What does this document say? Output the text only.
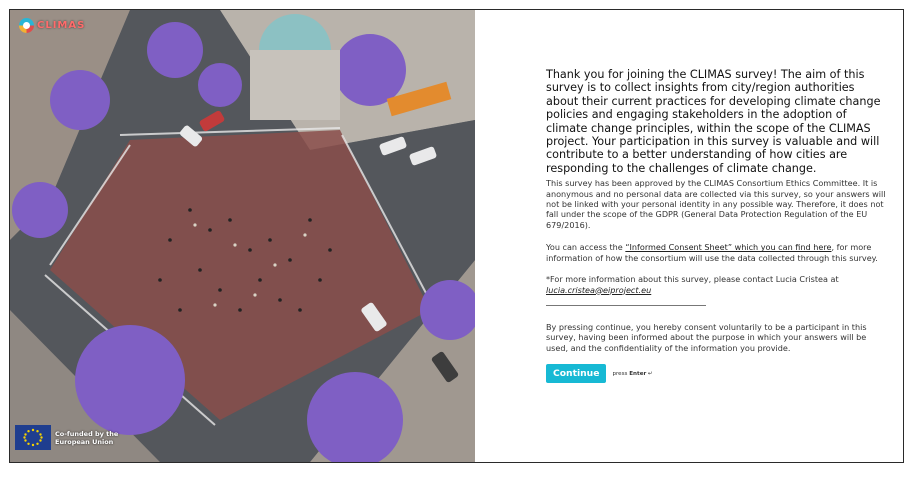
CLIMAS
Co-funded by the
European Union

Thank you for joining the CLIMAS survey! The aim of this survey is to collect insights from city/region authorities about their current practices for developing climate change policies and engaging stakeholders in the adoption of climate change principles, within the scope of the CLIMAS project. Your participation in this survey is valuable and will contribute to a better understanding of how cities are responding to the challenges of climate change.

This survey has been approved by the CLIMAS Consortium Ethics Committee. It is anonymous and no personal data are collected via this survey, so your answers will not be linked with your personal identity in any possible way. Therefore, it does not fall under the scope of the GDPR (General Data Protection Regulation of the EU 679/2016).

You can access the “Informed Consent Sheet” which you can find here, for more information of how the consortium will use the data collected through this survey.

*For more information about this survey, please contact Lucia Cristea at
lucia.cristea@eiproject.eu

By pressing continue, you hereby consent voluntarily to be a participant in this survey, having been informed about the purpose in which your answers will be used, and the confidentiality of the information you provide.

Continue	press Enter ↵
